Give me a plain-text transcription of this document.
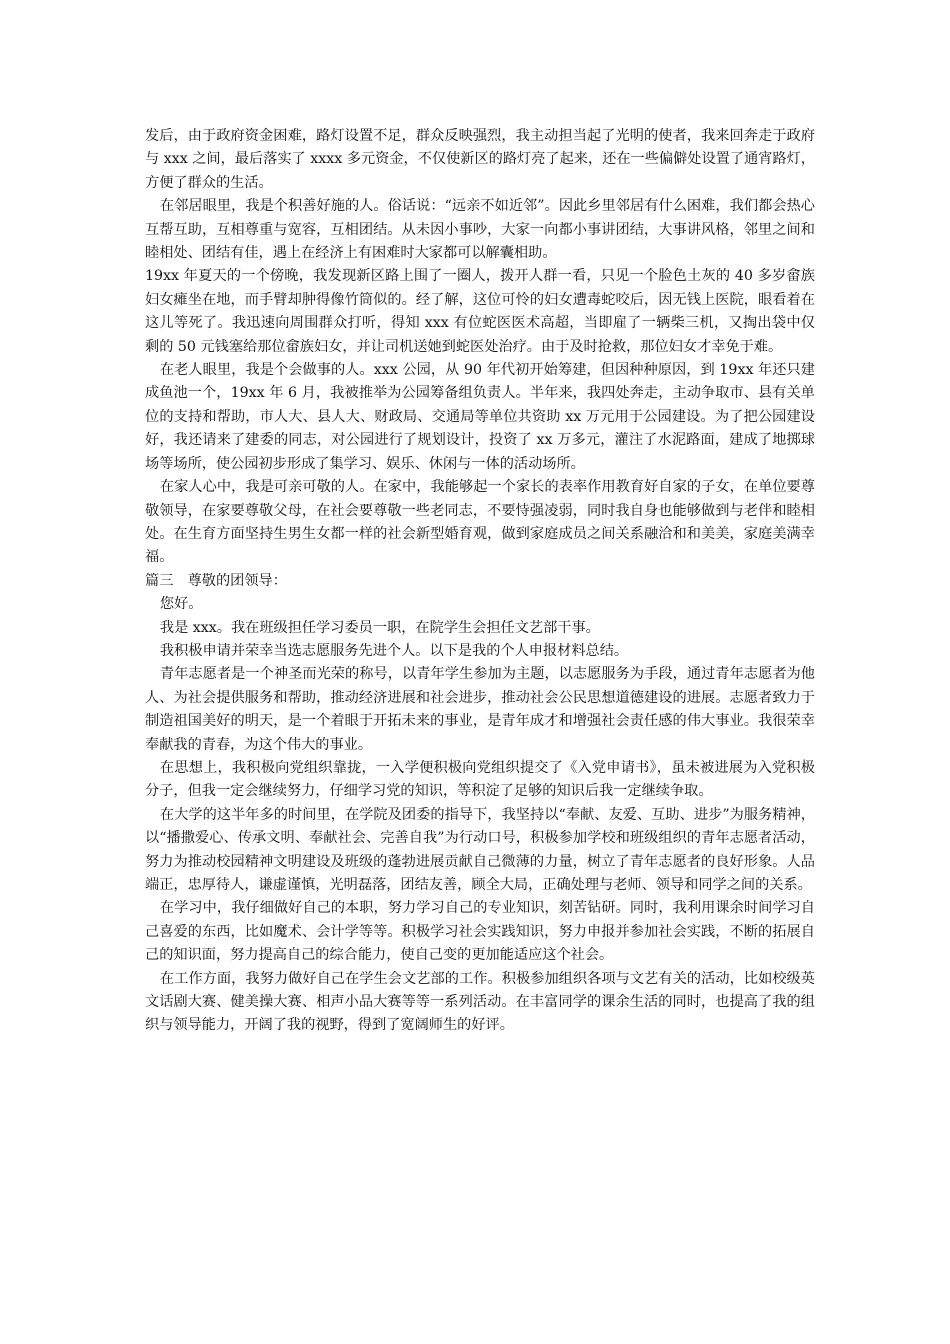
发后，由于政府资金困难，路灯设置不足，群众反映强烈，我主动担当起了光明的使者，我来回奔走于政府与 xxx 之间，最后落实了 xxxx 多元资金，不仅使新区的路灯亮了起来，还在一些偏僻处设置了通宵路灯，方便了群众的生活。

在邻居眼里，我是个积善好施的人。俗话说：“远亲不如近邻”。因此乡里邻居有什么困难，我们都会热心互帮互助，互相尊重与宽容，互相团结。从未因小事吵，大家一向都小事讲团结，大事讲风格，邻里之间和睦相处、团结有佳，遇上在经济上有困难时大家都可以解囊相助。

19xx 年夏天的一个傍晚，我发现新区路上围了一圈人，拨开人群一看，只见一个脸色土灰的 40 多岁畲族妇女瘫坐在地，而手臂却肿得像竹筒似的。经了解，这位可怜的妇女遭毒蛇咬后，因无钱上医院，眼看着在这儿等死了。我迅速向周围群众打听，得知 xxx 有位蛇医医术高超，当即雇了一辆柴三机，又掏出袋中仅剩的 50 元钱塞给那位畲族妇女，并让司机送她到蛇医处治疗。由于及时抢救，那位妇女才幸免于难。

在老人眼里，我是个会做事的人。xxx 公园，从 90 年代初开始筹建，但因种种原因，到 19xx 年还只建成鱼池一个，19xx 年 6 月，我被推举为公园筹备组负责人。半年来，我四处奔走，主动争取市、县有关单位的支持和帮助，市人大、县人大、财政局、交通局等单位共资助 xx 万元用于公园建设。为了把公园建设好，我还请来了建委的同志，对公园进行了规划设计，投资了 xx 万多元，灌注了水泥路面，建成了地掷球场等场所，使公园初步形成了集学习、娱乐、休闲与一体的活动场所。

在家人心中，我是可亲可敬的人。在家中，我能够起一个家长的表率作用教育好自家的子女，在单位要尊敬领导，在家要尊敬父母，在社会要尊敬一些老同志，不要恃强凌弱，同时我自身也能够做到与老伴和睦相处。在生育方面坚持生男生女都一样的社会新型婚育观，做到家庭成员之间关系融洽和和美美，家庭美满幸福。

篇三　尊敬的团领导：

您好。

我是 xxx。我在班级担任学习委员一职，在院学生会担任文艺部干事。

我积极申请并荣幸当选志愿服务先进个人。以下是我的个人申报材料总结。

青年志愿者是一个神圣而光荣的称号，以青年学生参加为主题，以志愿服务为手段，通过青年志愿者为他人、为社会提供服务和帮助，推动经济进展和社会进步，推动社会公民思想道德建设的进展。志愿者致力于制造祖国美好的明天，是一个着眼于开拓未来的事业，是青年成才和增强社会责任感的伟大事业。我很荣幸奉献我的青春，为这个伟大的事业。

在思想上，我积极向党组织靠拢，一入学便积极向党组织提交了《入党申请书》，虽未被进展为入党积极分子，但我一定会继续努力，仔细学习党的知识，等积淀了足够的知识后我一定继续争取。

在大学的这半年多的时间里，在学院及团委的指导下，我坚持以“奉献、友爱、互助、进步”为服务精神，以“播撒爱心、传承文明、奉献社会、完善自我”为行动口号，积极参加学校和班级组织的青年志愿者活动，努力为推动校园精神文明建设及班级的蓬勃进展贡献自己微薄的力量，树立了青年志愿者的良好形象。人品端正，忠厚待人，谦虚谨慎，光明磊落，团结友善，顾全大局，正确处理与老师、领导和同学之间的关系。

在学习中，我仔细做好自己的本职，努力学习自己的专业知识，刻苦钻研。同时，我利用课余时间学习自己喜爱的东西，比如魔术、会计学等等。积极学习社会实践知识，努力申报并参加社会实践，不断的拓展自己的知识面，努力提高自己的综合能力，使自己变的更加能适应这个社会。

在工作方面，我努力做好自己在学生会文艺部的工作。积极参加组织各项与文艺有关的活动，比如校级英文话剧大赛、健美操大赛、相声小品大赛等等一系列活动。在丰富同学的课余生活的同时，也提高了我的组织与领导能力，开阔了我的视野，得到了宽阔师生的好评。
